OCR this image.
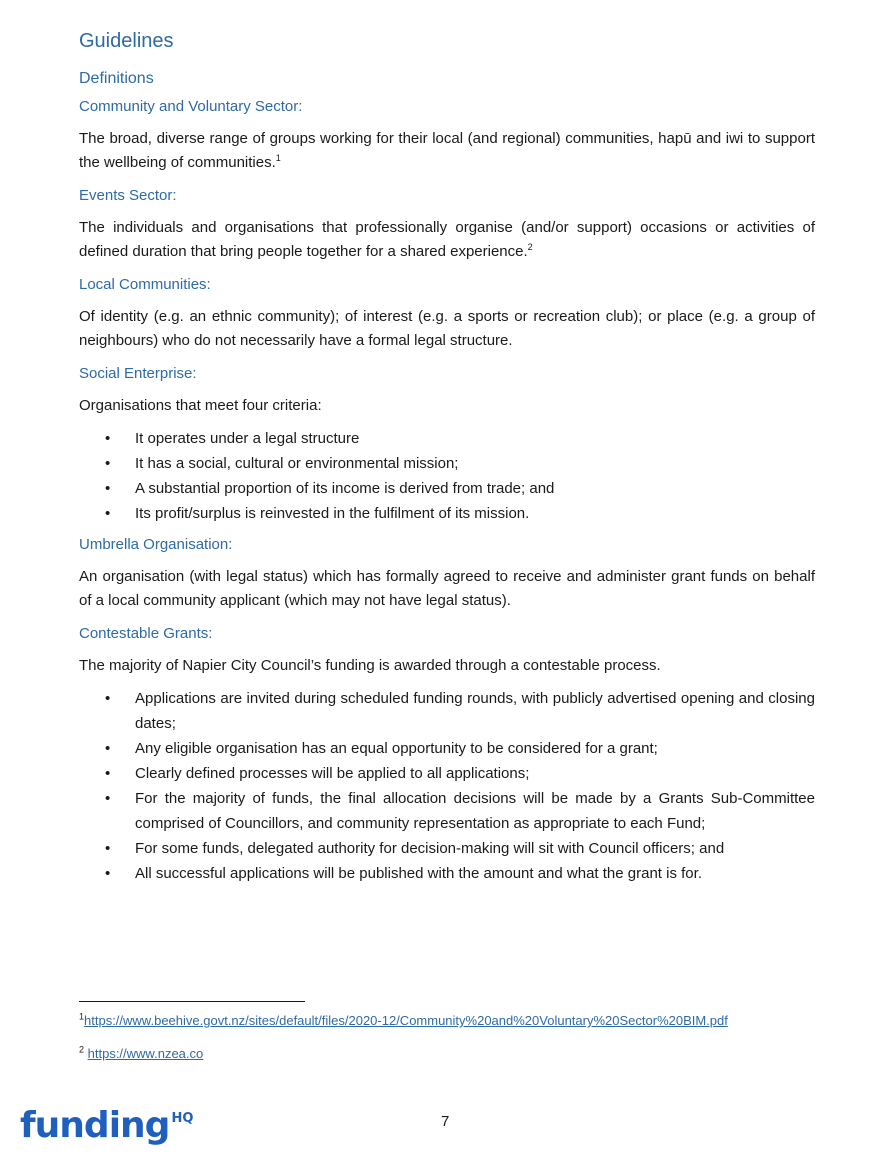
Guidelines
Definitions
Community and Voluntary Sector:

The broad, diverse range of groups working for their local (and regional) communities, hapū and iwi to support the wellbeing of communities.$^1$

Events Sector:

The individuals and organisations that professionally organise (and/or support) occasions or activities of defined duration that bring people together for a shared experience.$^2$

Local Communities:

Of identity (e.g. an ethnic community); of interest (e.g. a sports or recreation club); or place (e.g. a group of neighbours) who do not necessarily have a formal legal structure.

Social Enterprise:

Organisations that meet four criteria:

• It operates under a legal structure
• It has a social, cultural or environmental mission;
• A substantial proportion of its income is derived from trade; and
• Its profit/surplus is reinvested in the fulfilment of its mission.
Umbrella Organisation:

An organisation (with legal status) which has formally agreed to receive and administer grant funds on behalf of a local community applicant (which may not have legal status).

Contestable Grants:

The majority of Napier City Council’s funding is awarded through a contestable process.

• Applications are invited during scheduled funding rounds, with publicly advertised opening and closing dates;
• Any eligible organisation has an equal opportunity to be considered for a grant;
• Clearly defined processes will be applied to all applications;
• For the majority of funds, the final allocation decisions will be made by a Grants Sub-Committee comprised of Councillors, and community representation as appropriate to each Fund;
• For some funds, delegated authority for decision-making will sit with Council officers; and
• All successful applications will be published with the amount and what the grant is for.
$^1$https://www.beehive.govt.nz/sites/default/files/2020-12/Community%20and%20Voluntary%20Sector%20BIM.pdf
$^2$ https://www.nzea.co
funding $^{HQ}$	7
